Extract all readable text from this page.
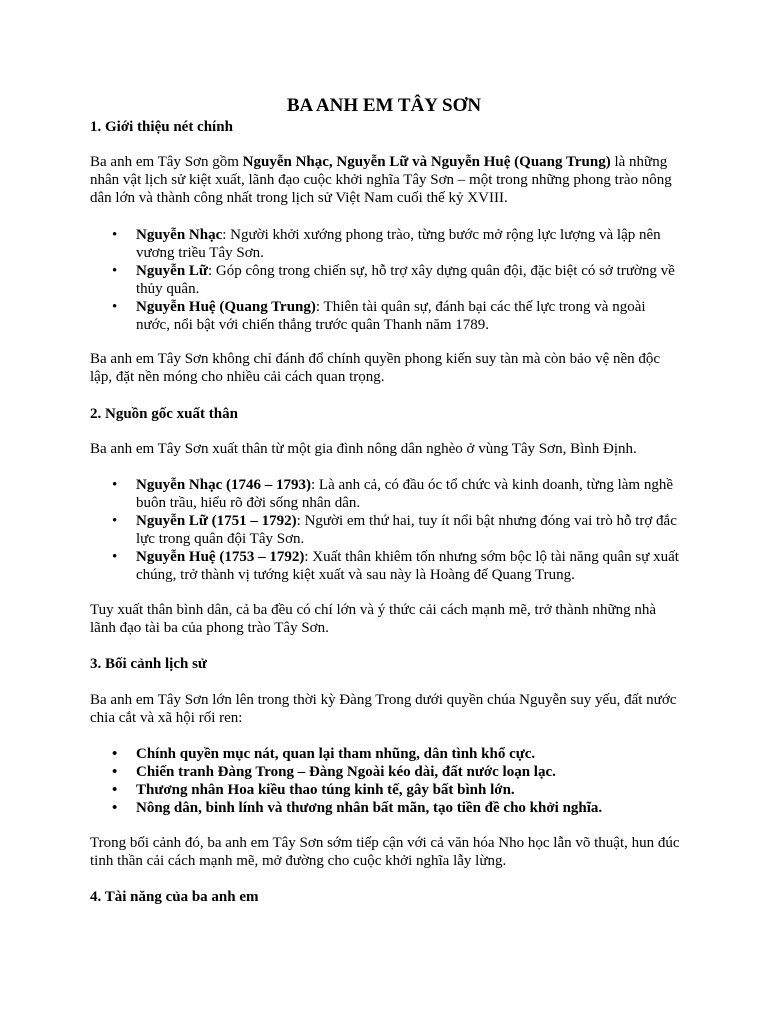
BA ANH EM TÂY SƠN

1. Giới thiệu nét chính

Ba anh em Tây Sơn gồm Nguyễn Nhạc, Nguyễn Lữ và Nguyễn Huệ (Quang Trung) là những nhân vật lịch sử kiệt xuất, lãnh đạo cuộc khởi nghĩa Tây Sơn – một trong những phong trào nông dân lớn và thành công nhất trong lịch sử Việt Nam cuối thế kỷ XVIII.

• Nguyễn Nhạc: Người khởi xướng phong trào, từng bước mở rộng lực lượng và lập nên vương triều Tây Sơn.
• Nguyễn Lữ: Góp công trong chiến sự, hỗ trợ xây dựng quân đội, đặc biệt có sở trường về thủy quân.
• Nguyễn Huệ (Quang Trung): Thiên tài quân sự, đánh bại các thế lực trong và ngoài nước, nổi bật với chiến thắng trước quân Thanh năm 1789.

Ba anh em Tây Sơn không chỉ đánh đổ chính quyền phong kiến suy tàn mà còn bảo vệ nền độc lập, đặt nền móng cho nhiều cải cách quan trọng.

2. Nguồn gốc xuất thân

Ba anh em Tây Sơn xuất thân từ một gia đình nông dân nghèo ở vùng Tây Sơn, Bình Định.

• Nguyễn Nhạc (1746 – 1793): Là anh cả, có đầu óc tổ chức và kinh doanh, từng làm nghề buôn trầu, hiểu rõ đời sống nhân dân.
• Nguyễn Lữ (1751 – 1792): Người em thứ hai, tuy ít nổi bật nhưng đóng vai trò hỗ trợ đắc lực trong quân đội Tây Sơn.
• Nguyễn Huệ (1753 – 1792): Xuất thân khiêm tốn nhưng sớm bộc lộ tài năng quân sự xuất chúng, trở thành vị tướng kiệt xuất và sau này là Hoàng đế Quang Trung.

Tuy xuất thân bình dân, cả ba đều có chí lớn và ý thức cải cách mạnh mẽ, trở thành những nhà lãnh đạo tài ba của phong trào Tây Sơn.

3. Bối cảnh lịch sử

Ba anh em Tây Sơn lớn lên trong thời kỳ Đàng Trong dưới quyền chúa Nguyễn suy yếu, đất nước chia cắt và xã hội rối ren:

• Chính quyền mục nát, quan lại tham nhũng, dân tình khổ cực.
• Chiến tranh Đàng Trong – Đàng Ngoài kéo dài, đất nước loạn lạc.
• Thương nhân Hoa kiều thao túng kinh tế, gây bất bình lớn.
• Nông dân, binh lính và thương nhân bất mãn, tạo tiền đề cho khởi nghĩa.

Trong bối cảnh đó, ba anh em Tây Sơn sớm tiếp cận với cả văn hóa Nho học lẫn võ thuật, hun đúc tinh thần cải cách mạnh mẽ, mở đường cho cuộc khởi nghĩa lẫy lừng.

4. Tài năng của ba anh em
